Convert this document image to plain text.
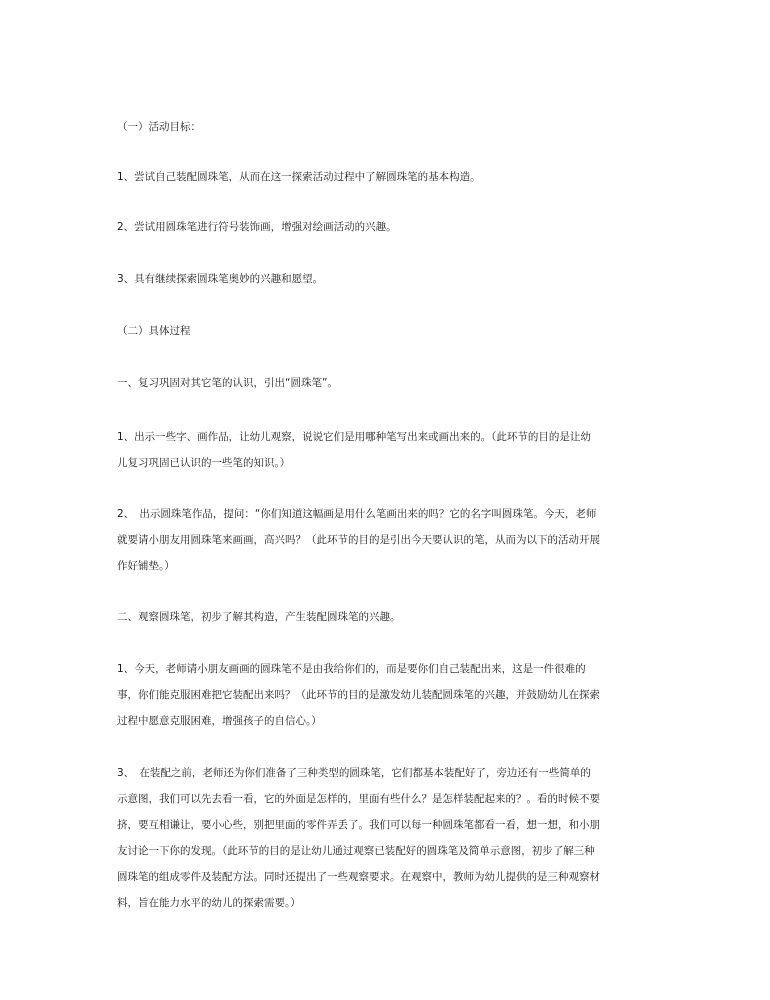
（一）活动目标：
1、尝试自己装配圆珠笔，从而在这一探索活动过程中了解圆珠笔的基本构造。
2、尝试用圆珠笔进行符号装饰画，增强对绘画活动的兴趣。
3、具有继续探索圆珠笔奥妙的兴趣和愿望。
（二）具体过程
一、复习巩固对其它笔的认识，引出“圆珠笔”。
1、出示一些字、画作品，让幼儿观察，说说它们是用哪种笔写出来或画出来的。（此环节的目的是让幼
儿复习巩固已认识的一些笔的知识。）
2、　出示圆珠笔作品，提问：“你们知道这幅画是用什么笔画出来的吗？它的名字叫圆珠笔。今天，老师
就要请小朋友用圆珠笔来画画，高兴吗？（此环节的目的是引出今天要认识的笔，从而为以下的活动开展
作好铺垫。）
二、观察圆珠笔，初步了解其构造，产生装配圆珠笔的兴趣。
1、今天，老师请小朋友画画的圆珠笔不是由我给你们的，而是要你们自己装配出来，这是一件很难的
事，你们能克服困难把它装配出来吗？（此环节的目的是激发幼儿装配圆珠笔的兴趣，并鼓励幼儿在探索
过程中愿意克服困难，增强孩子的自信心。）
3、　在装配之前，老师还为你们准备了三种类型的圆珠笔，它们都基本装配好了，旁边还有一些简单的
示意图，我们可以先去看一看，它的外面是怎样的，里面有些什么？是怎样装配起来的？。看的时候不要
挤，要互相谦让，要小心些，别把里面的零件弄丢了。我们可以每一种圆珠笔都看一看，想一想，和小朋
友讨论一下你的发现。（此环节的目的是让幼儿通过观察已装配好的圆珠笔及简单示意图，初步了解三种
圆珠笔的组成零件及装配方法。同时还提出了一些观察要求。在观察中，教师为幼儿提供的是三种观察材
料，旨在能力水平的幼儿的探索需要。）
